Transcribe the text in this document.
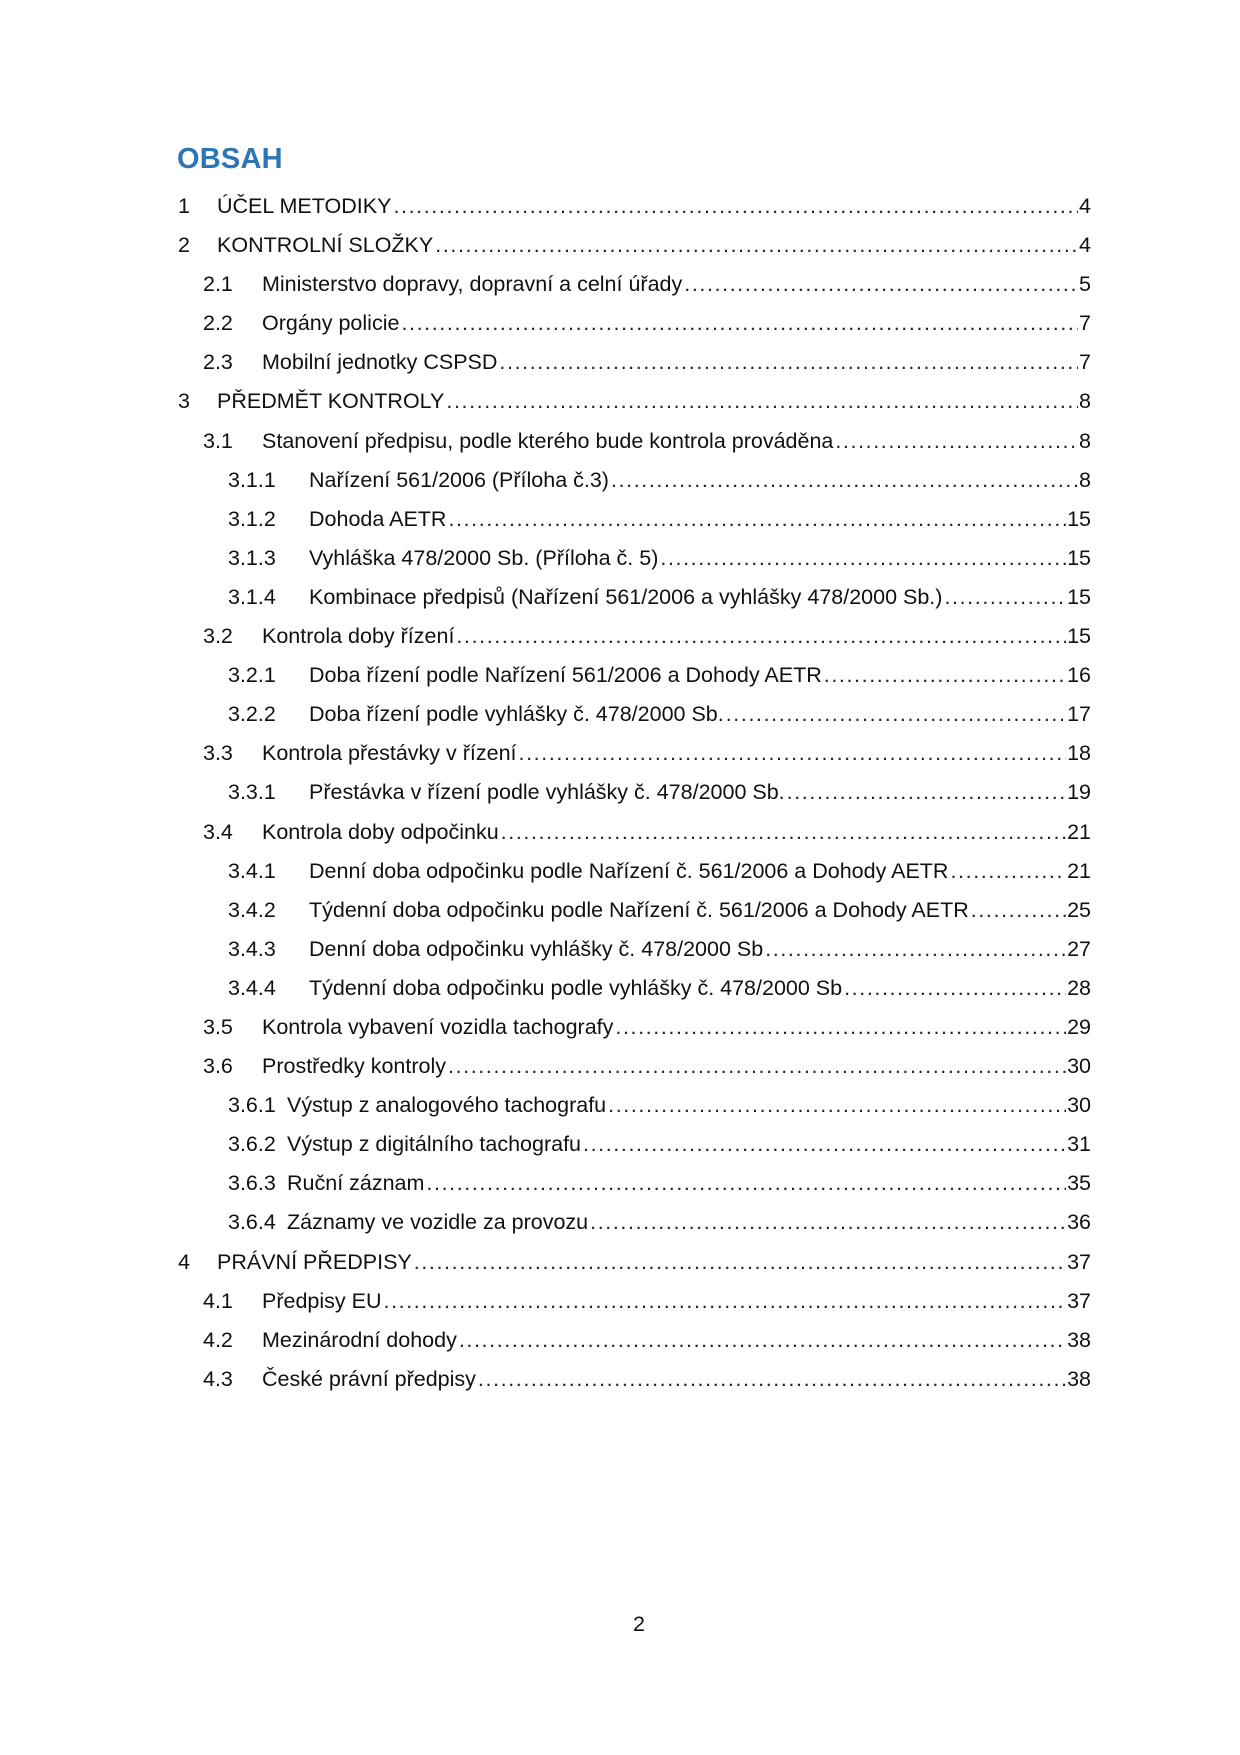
OBSAH
1 ÚČEL METODIKY .....	4
2 KONTROLNÍ SLOŽKY .....	4
2.1 Ministerstvo dopravy, dopravní a celní úřady .....	5
2.2 Orgány policie .....	7
2.3 Mobilní jednotky CSPSD .....	7
3 PŘEDMĚT KONTROLY .....	8
3.1 Stanovení předpisu, podle kterého bude kontrola prováděna .....	8
3.1.1 Nařízení 561/2006 (Příloha č.3) .....	8
3.1.2 Dohoda AETR .....	15
3.1.3 Vyhláška 478/2000 Sb. (Příloha č. 5) .....	15
3.1.4 Kombinace předpisů (Nařízení 561/2006 a vyhlášky 478/2000 Sb.) .....	15
3.2 Kontrola doby řízení .....	15
3.2.1 Doba řízení podle Nařízení 561/2006 a Dohody AETR .....	16
3.2.2 Doba řízení podle vyhlášky č. 478/2000 Sb. .....	17
3.3 Kontrola přestávky v řízení .....	18
3.3.1 Přestávka v řízení podle vyhlášky č. 478/2000 Sb. .....	19
3.4 Kontrola doby odpočinku .....	21
3.4.1 Denní doba odpočinku podle Nařízení č. 561/2006 a Dohody AETR .....	21
3.4.2 Týdenní doba odpočinku podle Nařízení č. 561/2006 a Dohody AETR .....	25
3.4.3 Denní doba odpočinku vyhlášky č. 478/2000 Sb .....	27
3.4.4 Týdenní doba odpočinku podle vyhlášky č. 478/2000 Sb .....	28
3.5 Kontrola vybavení vozidla tachografy .....	29
3.6 Prostředky kontroly .....	30
3.6.1 Výstup z analogového tachografu .....	30
3.6.2 Výstup z digitálního tachografu .....	31
3.6.3 Ruční záznam .....	35
3.6.4 Záznamy ve vozidle za provozu .....	36
4 PRÁVNÍ PŘEDPISY .....	37
4.1 Předpisy EU .....	37
4.2 Mezinárodní dohody .....	38
4.3 České právní předpisy .....	38
2
